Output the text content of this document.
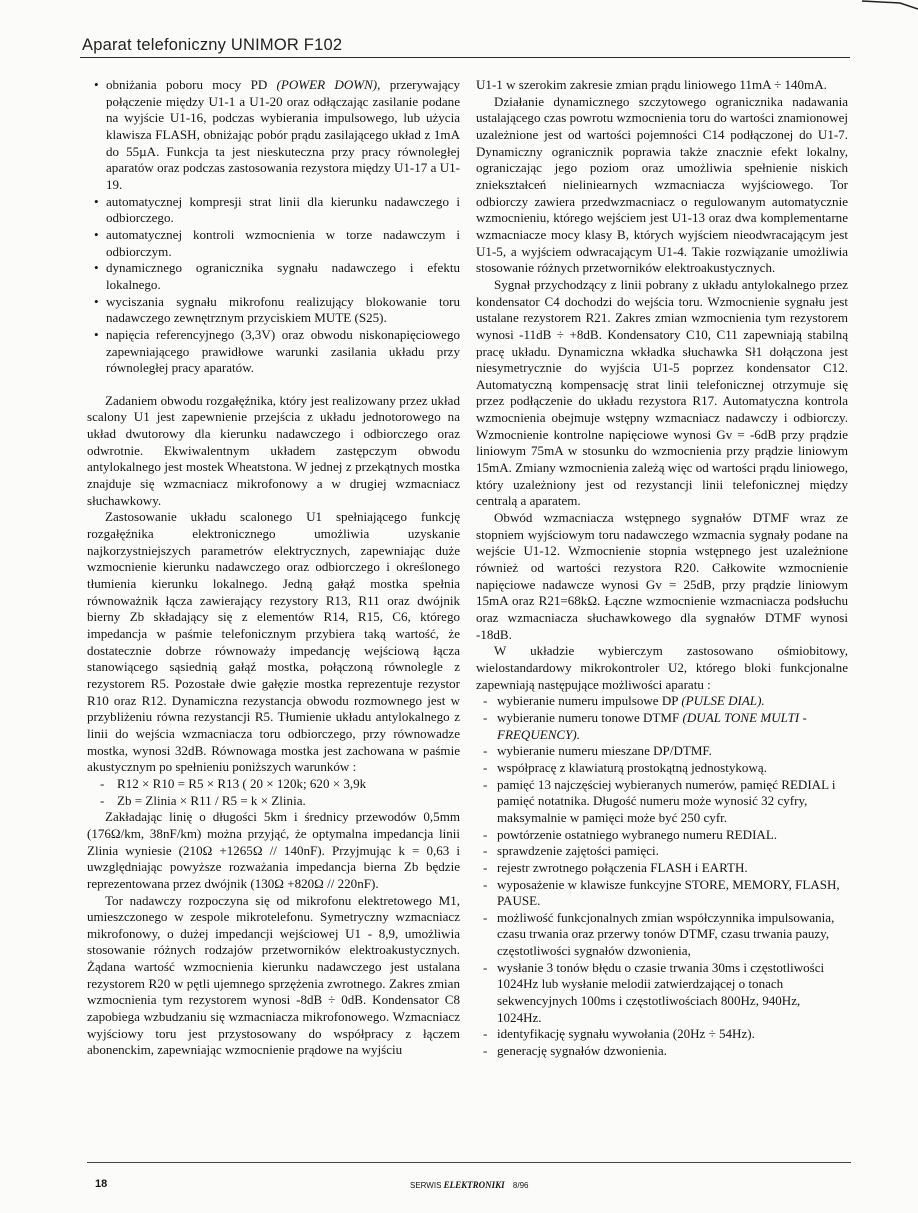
Aparat telefoniczny UNIMOR F102
• obniżania poboru mocy PD (POWER DOWN), przerywający połączenie między U1-1 a U1-20 oraz odłączając zasilanie podane na wyjście U1-16, podczas wybierania impulsowego, lub użycia klawisza FLASH, obniżając pobór prądu zasilającego układ z 1mA do 55µA. Funkcja ta jest nieskuteczna przy pracy równoległej aparatów oraz podczas zastosowania rezystora między U1-17 a U1-19.
• automatycznej kompresji strat linii dla kierunku nadawczego i odbiorczego.
• automatycznej kontroli wzmocnienia w torze nadawczym i odbiorczym.
• dynamicznego ogranicznika sygnału nadawczego i efektu lokalnego.
• wyciszania sygnału mikrofonu realizujący blokowanie toru nadawczego zewnętrznym przyciskiem MUTE (S25).
• napięcia referencyjnego (3,3V) oraz obwodu niskonapięciowego zapewniającego prawidłowe warunki zasilania układu przy równoległej pracy aparatów.

Zadaniem obwodu rozgałęźnika, który jest realizowany przez układ scalony U1 jest zapewnienie przejścia z układu jednotorowego na układ dwutorowy dla kierunku nadawczego i odbiorczego oraz odwrotnie. Ekwiwalentnym układem zastępczym obwodu antylokalnego jest mostek Wheatstona. W jednej z przekątnych mostka znajduje się wzmacniacz mikrofonowy a w drugiej wzmacniacz słuchawkowy.

Zastosowanie układu scalonego U1 spełniającego funkcję rozgałęźnika elektronicznego umożliwia uzyskanie najkorzystniejszych parametrów elektrycznych, zapewniając duże wzmocnienie kierunku nadawczego oraz odbiorczego i określonego tłumienia kierunku lokalnego. Jedną gałąź mostka spełnia równoważnik łącza zawierający rezystory R13, R11 oraz dwójnik bierny Zb składający się z elementów R14, R15, C6, którego impedancja w paśmie telefonicznym przybiera taką wartość, że dostatecznie dobrze równoważy impedancję wejściową łącza stanowiącego sąsiednią gałąź mostka, połączoną równolegle z rezystorem R5. Pozostałe dwie gałęzie mostka reprezentuje rezystor R10 oraz R12. Dynamiczna rezystancja obwodu rozmownego jest w przybliżeniu równa rezystancji R5. Tłumienie układu antylokalnego z linii do wejścia wzmacniacza toru odbiorczego, przy równowadze mostka, wynosi 32dB. Równowaga mostka jest zachowana w paśmie akustycznym po spełnieniu poniższych warunków :

- R12 × R10 = R5 × R13 ( 20 × 120k; 620 × 3,9k
- Zb = Zlinia × R11 / R5 = k × Zlinia.

Zakładając linię o długości 5km i średnicy przewodów 0,5mm (176Ω/km, 38nF/km) można przyjąć, że optymalna impedancja linii Zlinia wyniesie (210Ω +1265Ω // 140nF). Przyjmując k = 0,63 i uwzględniając powyższe rozważania impedancja bierna Zb będzie reprezentowana przez dwójnik (130Ω +820Ω // 220nF).

Tor nadawczy rozpoczyna się od mikrofonu elektretowego M1, umieszczonego w zespole mikrotelefonu. Symetryczny wzmacniacz mikrofonowy, o dużej impedancji wejściowej U1 - 8,9, umożliwia stosowanie różnych rodzajów przetworników elektroakustycznych. Żądana wartość wzmocnienia kierunku nadawczego jest ustalana rezystorem R20 w pętli ujemnego sprzężenia zwrotnego. Zakres zmian wzmocnienia tym rezystorem wynosi -8dB ÷ 0dB. Kondensator C8 zapobiega wzbudzaniu się wzmacniacza mikrofonowego. Wzmacniacz wyjściowy toru jest przystosowany do współpracy z łączem abonenckim, zapewniając wzmocnienie prądowe na wyjściu

U1-1 w szerokim zakresie zmian prądu liniowego 11mA ÷ 140mA.

Działanie dynamicznego szczytowego ogranicznika nadawania ustalającego czas powrotu wzmocnienia toru do wartości znamionowej uzależnione jest od wartości pojemności C14 podłączonej do U1-7. Dynamiczny ogranicznik poprawia także znacznie efekt lokalny, ograniczając jego poziom oraz umożliwia spełnienie niskich zniekształceń nieliniearnych wzmacniacza wyjściowego. Tor odbiorczy zawiera przedwzmacniacz o regulowanym automatycznie wzmocnieniu, którego wejściem jest U1-13 oraz dwa komplementarne wzmacniacze mocy klasy B, których wyjściem nieodwracającym jest U1-5, a wyjściem odwracającym U1-4. Takie rozwiązanie umożliwia stosowanie różnych przetworników elektroakustycznych.

Sygnał przychodzący z linii pobrany z układu antylokalnego przez kondensator C4 dochodzi do wejścia toru. Wzmocnienie sygnału jest ustalane rezystorem R21. Zakres zmian wzmocnienia tym rezystorem wynosi -11dB ÷ +8dB. Kondensatory C10, C11 zapewniają stabilną pracę układu. Dynamiczna wkładka słuchawka Sł1 dołączona jest niesymetrycznie do wyjścia U1-5 poprzez kondensator C12. Automatyczną kompensację strat linii telefonicznej otrzymuje się przez podłączenie do układu rezystora R17. Automatyczna kontrola wzmocnienia obejmuje wstępny wzmacniacz nadawczy i odbiorczy. Wzmocnienie kontrolne napięciowe wynosi Gv = -6dB przy prądzie liniowym 75mA w stosunku do wzmocnienia przy prądzie liniowym 15mA. Zmiany wzmocnienia zależą więc od wartości prądu liniowego, który uzależniony jest od rezystancji linii telefonicznej między centralą a aparatem.

Obwód wzmacniacza wstępnego sygnałów DTMF wraz ze stopniem wyjściowym toru nadawczego wzmacnia sygnały podane na wejście U1-12. Wzmocnienie stopnia wstępnego jest uzależnione również od wartości rezystora R20. Całkowite wzmocnienie napięciowe nadawcze wynosi Gv = 25dB, przy prądzie liniowym 15mA oraz R21=68kΩ. Łączne wzmocnienie wzmacniacza podsłuchu oraz wzmacniacza słuchawkowego dla sygnałów DTMF wynosi -18dB.

W układzie wybierczym zastosowano ośmiobitowy, wielostandardowy mikrokontroler U2, którego bloki funkcjonalne zapewniają następujące możliwości aparatu :

- wybieranie numeru impulsowe DP (PULSE DIAL).
- wybieranie numeru tonowe DTMF (DUAL TONE MULTI -FREQUENCY).
- wybieranie numeru mieszane DP/DTMF.
- współpracę z klawiaturą prostokątną jednostykową.
- pamięć 13 najczęściej wybieranych numerów, pamięć REDIAL i pamięć notatnika. Długość numeru może wynosić 32 cyfry, maksymalnie w pamięci może być 250 cyfr.
- powtórzenie ostatniego wybranego numeru REDIAL.
- sprawdzenie zajętości pamięci.
- rejestr zwrotnego połączenia FLASH i EARTH.
- wyposażenie w klawisze funkcyjne STORE, MEMORY, FLASH, PAUSE.
- możliwość funkcjonalnych zmian współczynnika impulsowania, czasu trwania oraz przerwy tonów DTMF, czasu trwania pauzy, częstotliwości sygnałów dzwonienia,
- wysłanie 3 tonów błędu o czasie trwania 30ms i częstotliwości 1024Hz lub wysłanie melodii zatwierdzającej o tonach sekwencyjnych 100ms i częstotliwościach 800Hz, 940Hz, 1024Hz.
- identyfikację sygnału wywołania (20Hz ÷ 54Hz).
- generację sygnałów dzwonienia.
18	SERWIS ELEKTRONIKI 8/96
